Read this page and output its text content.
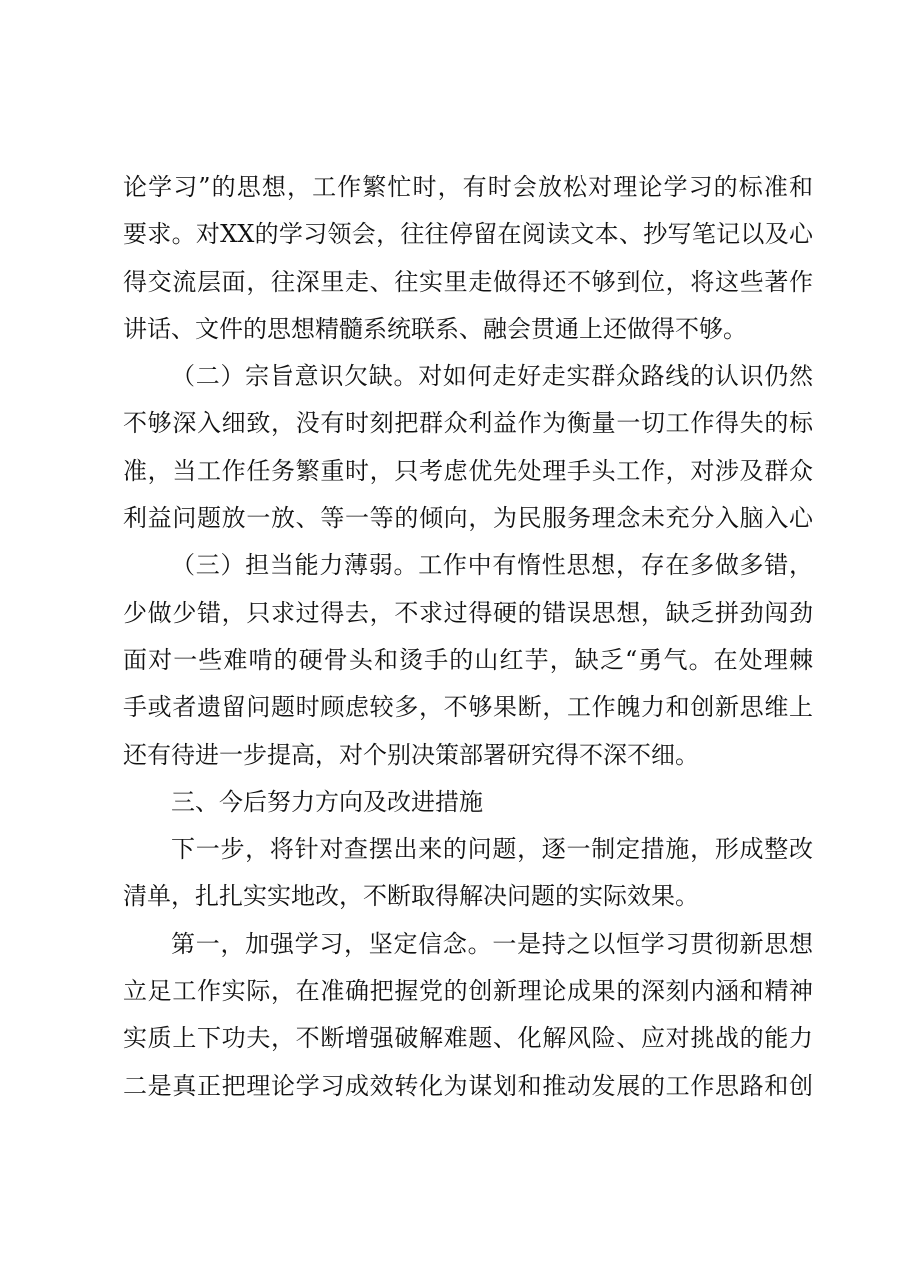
论学习”的思想，工作繁忙时，有时会放松对理论学习的标准和
要求。对XX的学习领会，往往停留在阅读文本、抄写笔记以及心
得交流层面，往深里走、往实里走做得还不够到位，将这些著作
讲话、文件的思想精髓系统联系、融会贯通上还做得不够。
（二）宗旨意识欠缺。对如何走好走实群众路线的认识仍然
不够深入细致，没有时刻把群众利益作为衡量一切工作得失的标
准，当工作任务繁重时，只考虑优先处理手头工作，对涉及群众
利益问题放一放、等一等的倾向，为民服务理念未充分入脑入心
（三）担当能力薄弱。工作中有惰性思想，存在多做多错，
少做少错，只求过得去，不求过得硬的错误思想，缺乏拼劲闯劲
面对一些难啃的硬骨头和烫手的山红芋，缺乏“勇气。在处理棘
手或者遗留问题时顾虑较多，不够果断，工作魄力和创新思维上
还有待进一步提高，对个别决策部署研究得不深不细。
三、今后努力方向及改进措施
下一步，将针对查摆出来的问题，逐一制定措施，形成整改
清单，扎扎实实地改，不断取得解决问题的实际效果。
第一，加强学习，坚定信念。一是持之以恒学习贯彻新思想
立足工作实际，在准确把握党的创新理论成果的深刻内涵和精神
实质上下功夫，不断增强破解难题、化解风险、应对挑战的能力
二是真正把理论学习成效转化为谋划和推动发展的工作思路和创
